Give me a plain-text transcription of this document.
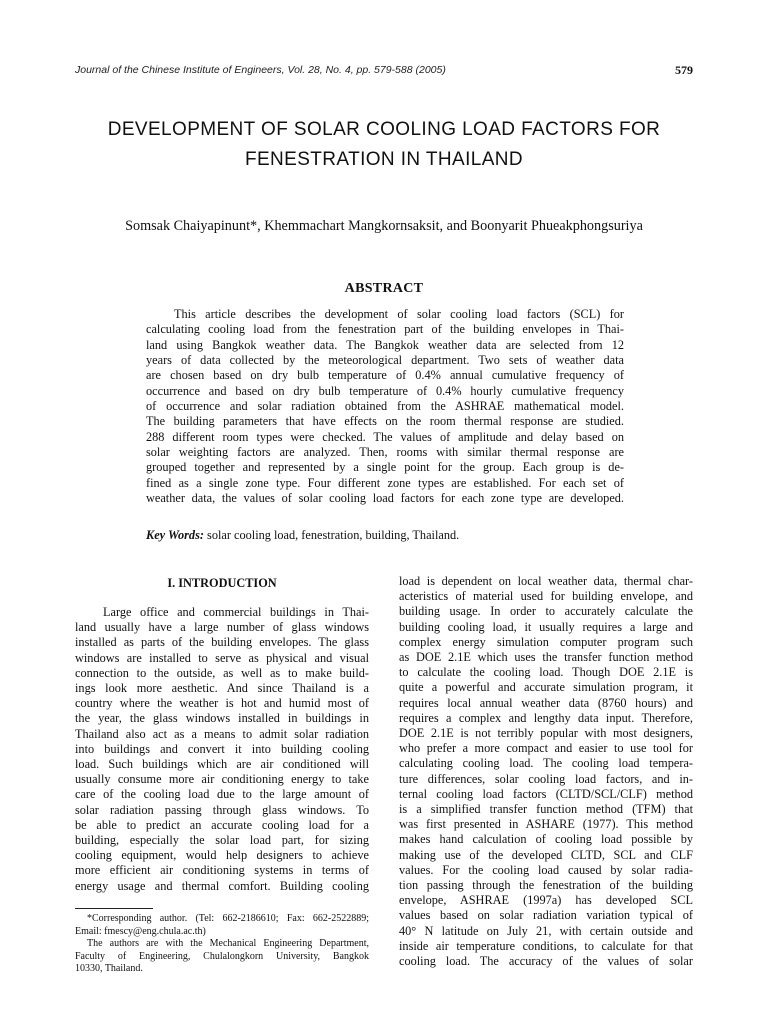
Journal of the Chinese Institute of Engineers, Vol. 28, No. 4, pp. 579-588 (2005)	579
DEVELOPMENT OF SOLAR COOLING LOAD FACTORS FOR
FENESTRATION IN THAILAND
Somsak Chaiyapinunt*, Khemmachart Mangkornsaksit, and Boonyarit Phueakphongsuriya
ABSTRACT
This article describes the development of solar cooling load factors (SCL) for
calculating cooling load from the fenestration part of the building envelopes in Thai-
land using Bangkok weather data. The Bangkok weather data are selected from 12
years of data collected by the meteorological department. Two sets of weather data
are chosen based on dry bulb temperature of 0.4% annual cumulative frequency of
occurrence and based on dry bulb temperature of 0.4% hourly cumulative frequency
of occurrence and solar radiation obtained from the ASHRAE mathematical model.
The building parameters that have effects on the room thermal response are studied.
288 different room types were checked. The values of amplitude and delay based on
solar weighting factors are analyzed. Then, rooms with similar thermal response are
grouped together and represented by a single point for the group. Each group is de-
fined as a single zone type. Four different zone types are established. For each set of
weather data, the values of solar cooling load factors for each zone type are developed.
Key Words: solar cooling load, fenestration, building, Thailand.
I. INTRODUCTION
Large office and commercial buildings in Thai-
land usually have a large number of glass windows
installed as parts of the building envelopes. The glass
windows are installed to serve as physical and visual
connection to the outside, as well as to make build-
ings look more aesthetic. And since Thailand is a
country where the weather is hot and humid most of
the year, the glass windows installed in buildings in
Thailand also act as a means to admit solar radiation
into buildings and convert it into building cooling
load. Such buildings which are air conditioned will
usually consume more air conditioning energy to take
care of the cooling load due to the large amount of
solar radiation passing through glass windows. To
be able to predict an accurate cooling load for a
building, especially the solar load part, for sizing
cooling equipment, would help designers to achieve
more efficient air conditioning systems in terms of
energy usage and thermal comfort. Building cooling
*Corresponding author. (Tel: 662-2186610; Fax: 662-2522889;
Email: fmescy@eng.chula.ac.th)
The authors are with the Mechanical Engineering Department,
Faculty of Engineering, Chulalongkorn University, Bangkok
10330, Thailand.
load is dependent on local weather data, thermal char-
acteristics of material used for building envelope, and
building usage. In order to accurately calculate the
building cooling load, it usually requires a large and
complex energy simulation computer program such
as DOE 2.1E which uses the transfer function method
to calculate the cooling load. Though DOE 2.1E is
quite a powerful and accurate simulation program, it
requires local annual weather data (8760 hours) and
requires a complex and lengthy data input. Therefore,
DOE 2.1E is not terribly popular with most designers,
who prefer a more compact and easier to use tool for
calculating cooling load. The cooling load tempera-
ture differences, solar cooling load factors, and in-
ternal cooling load factors (CLTD/SCL/CLF) method
is a simplified transfer function method (TFM) that
was first presented in ASHARE (1977). This method
makes hand calculation of cooling load possible by
making use of the developed CLTD, SCL and CLF
values. For the cooling load caused by solar radia-
tion passing through the fenestration of the building
envelope, ASHRAE (1997a) has developed SCL
values based on solar radiation variation typical of
40° N latitude on July 21, with certain outside and
inside air temperature conditions, to calculate for that
cooling load. The accuracy of the values of solar
